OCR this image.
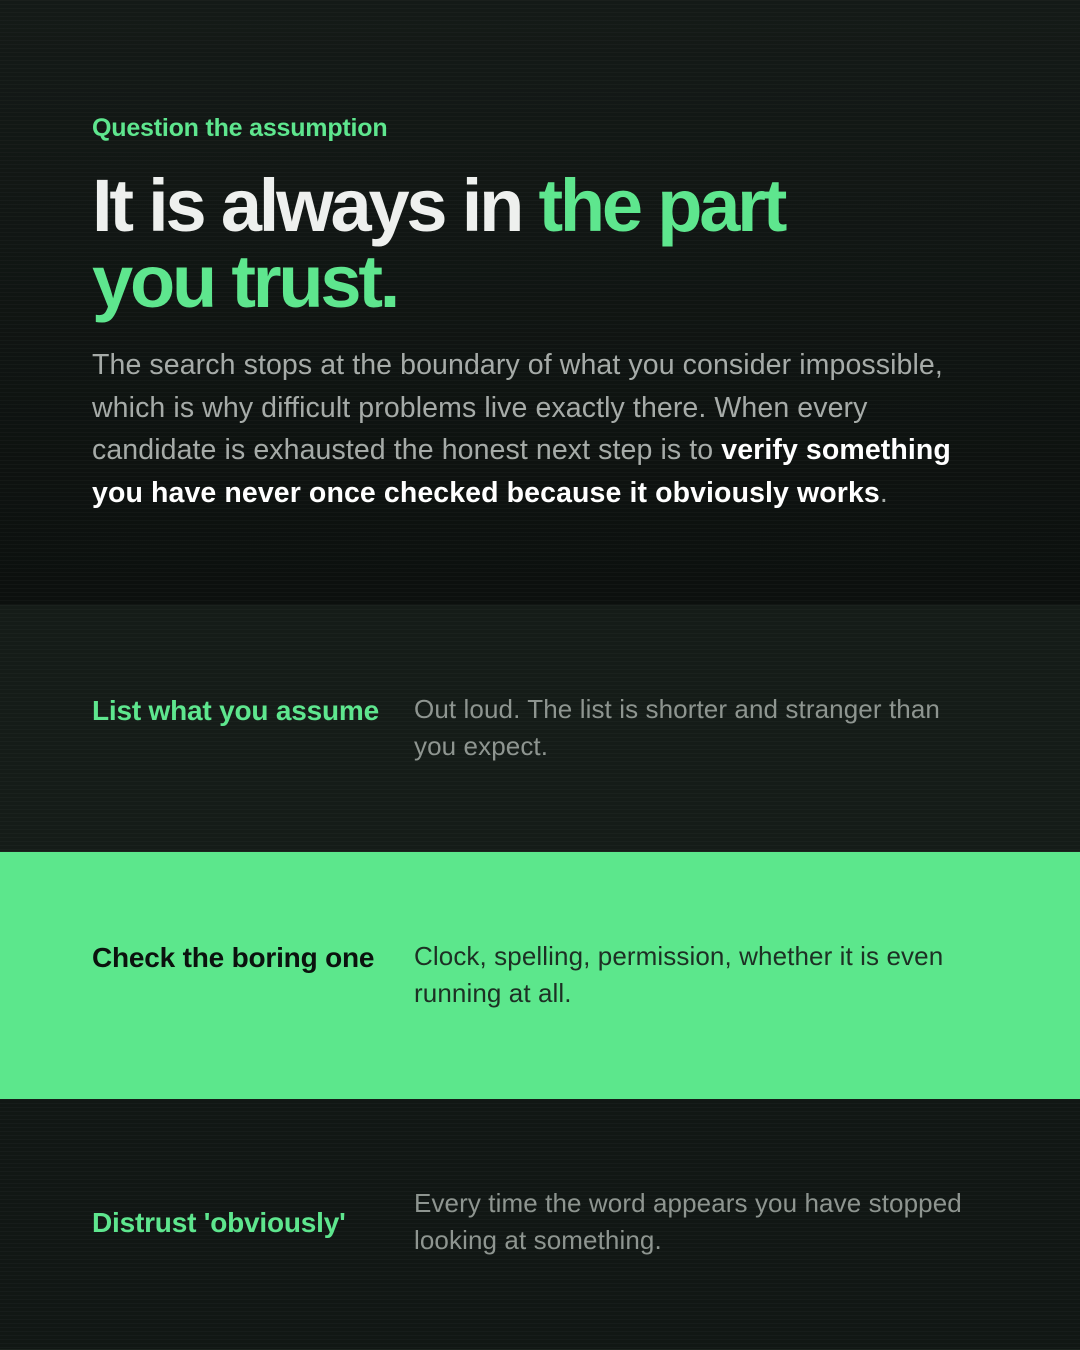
Question the assumption
It is always in the part
you trust.

The search stops at the boundary of what you consider impossible, which is why difficult problems live exactly there. When every candidate is exhausted the honest next step is to verify something you have never once checked because it obviously works.

List what you assume Out loud. The list is shorter and stranger than you expect.
Check the boring one Clock, spelling, permission, whether it is even running at all.
Distrust 'obviously'
Every time the word appears you have stopped looking at something.
